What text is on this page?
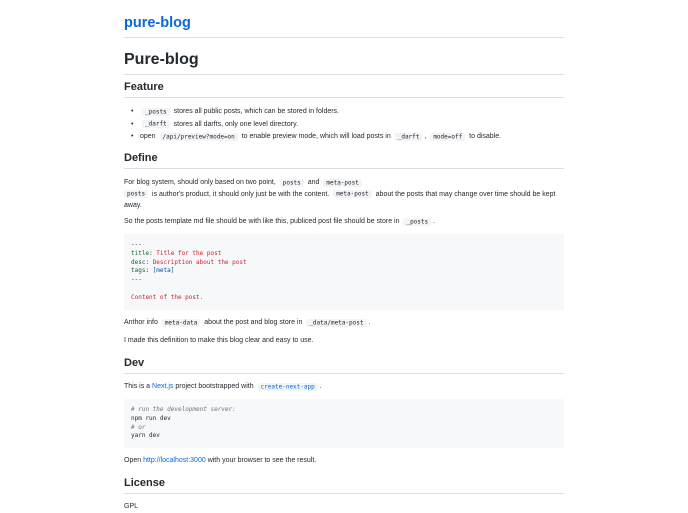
pure-blog
Pure-blog
Feature
• _posts stores all public posts, which can be stored in folders.
• _darft stores all darfts, only one level directory.
• open /api/preview?mode=on to enable preview mode, which will load posts in _darft , mode=off to disable.
Define

For blog system, should only based on two point, posts and meta-post
posts is author's product, it should only just be with the content. meta-post about the posts that may change over time should be kept away.

So the posts template md file should be with like this, publiced post file should be store in _posts .

---
title: Title for the post
desc: Description about the post
tags: [meta]
---

Content of the post.

Anthor info meta-data about the post and blog store in _data/meta-post .

I made this definition to make this blog clear and easy to use.

Dev

This is a Next.js project bootstrapped with create-next-app .

# run the development server:
npm run dev
# or
yarn dev

Open http://localhost:3000 with your browser to see the result.

License

GPL
